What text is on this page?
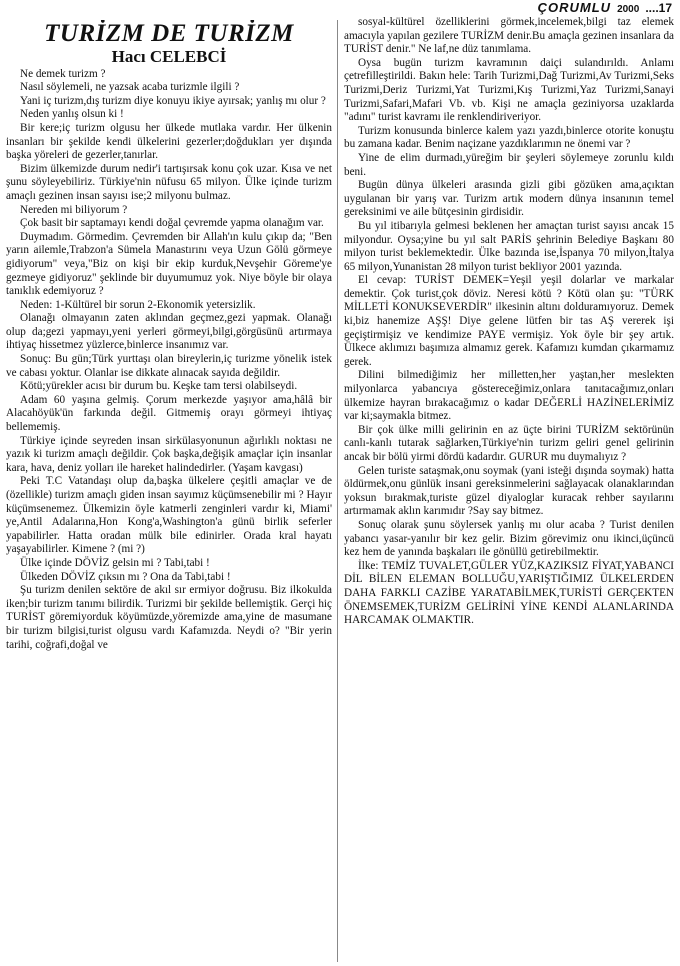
ÇORUMLU 2000 ....17
TURİZM DE TURİZM
Hacı CELEBCİ

Ne demek turizm ?

Nasıl söylemeli, ne yazsak acaba turizmle ilgili ?

Yani iç turizm,dış turizm diye konuyu ikiye ayırsak; yanlış mı olur ?

Neden yanlış olsun ki !

Bir kere;iç turizm olgusu her ülkede mutlaka vardır. Her ülkenin insanları bir şekilde kendi ülkelerini gezerler;doğdukları yer dışında başka yöreleri de gezerler,tanırlar.

Bizim ülkemizde durum nedir'i tartışırsak konu çok uzar. Kısa ve net şunu söyleyebiliriz. Türkiye'nin nüfusu 65 milyon. Ülke içinde turizm amaçlı gezinen insan sayısı ise;2 milyonu bulmaz.

Nereden mi biliyorum ?

Çok basit bir saptamayı kendi doğal çevremde yapma olanağım var.

Duymadım. Görmedim. Çevremden bir Allah'ın kulu çıkıp da; "Ben yarın ailemle,Trabzon'a Sümela Manastırını veya Uzun Gölü görmeye gidiyorum" veya,"Biz on kişi bir ekip kurduk,Nevşehir Göreme'ye gezmeye gidiyoruz" şeklinde bir duyumumuz yok. Niye böyle bir olaya tanıklık edemiyoruz ?

Neden: 1-Kültürel bir sorun 2-Ekonomik yetersizlik.

Olanağı olmayanın zaten aklından geçmez,gezi yapmak. Olanağı olup da;gezi yapmayı,yeni yerleri görmeyi,bilgi,görgüsünü artırmaya ihtiyaç hissetmez yüzlerce,binlerce insanımız var.

Sonuç: Bu gün;Türk yurttaşı olan bireylerin,iç turizme yönelik istek ve cabası yoktur. Olanlar ise dikkate alınacak sayıda değildir.

Kötü;yürekler acısı bir durum bu. Keşke tam tersi olabilseydi.

Adam 60 yaşına gelmiş. Çorum merkezde yaşıyor ama,hâlâ bir Alacahöyük'ün farkında değil. Gitmemiş orayı görmeyi ihtiyaç bellememiş.

Türkiye içinde seyreden insan sirkülasyonunun ağırlıklı noktası ne yazık ki turizm amaçlı değildir. Çok başka,değişik amaçlar için insanlar kara, hava, deniz yolları ile hareket halindedirler. (Yaşam kavgası)

Peki T.C Vatandaşı olup da,başka ülkelere çeşitli amaçlar ve de (özellikle) turizm amaçlı giden insan sayımız küçümsenebilir mi ? Hayır küçümsenemez. Ülkemizin öyle katmerli zenginleri vardır ki, Miami' ye,Antil Adalarına,Hon Kong'a,Washington'a günü birlik seferler yapabilirler. Hatta oradan mülk bile edinirler. Orada kral hayatı yaşayabilirler. Kimene ? (mi ?)

Ülke içinde DÖVİZ gelsin mi ? Tabi,tabi !

Ülkeden DÖVİZ çıksın mı ? Ona da Tabi,tabi !

Şu turizm denilen sektöre de akıl sır ermiyor doğrusu. Biz ilkokulda iken;bir turizm tanımı bilirdik. Turizmi bir şekilde bellemiştik. Gerçi hiç TURİST göremiyorduk köyümüzde,yöremizde ama,yine de masumane bir turizm bilgisi,turist olgusu vardı Kafamızda. Neydi o? "Bir yerin tarihi, coğrafi,doğal ve

sosyal-kültürel özelliklerini görmek,incelemek,bilgi taz elemek amacıyla yapılan gezilere TURİZM denir.Bu amaçla gezinen insanlara da TURİST denir." Ne laf,ne düz tanımlama.

Oysa bugün turizm kavramının daiçi sulandırıldı. Anlamı çetrefilleştirildi. Bakın hele: Tarih Turizmi,Dağ Turizmi,Av Turizmi,Seks Turizmi,Deriz Turizmi,Yat Turizmi,Kış Turizmi,Yaz Turizmi,Sanayi Turizmi,Safari,Mafari Vb. vb. Kişi ne amaçla geziniyorsa uzaklarda "adını" turist kavramı ile renklendiriveriyor.

Turizm konusunda binlerce kalem yazı yazdı,binlerce otorite konuştu bu zamana kadar. Benim naçizane yazdıklarımın ne önemi var ?

Yine de elim durmadı,yüreğim bir şeyleri söylemeye zorunlu kıldı beni.

Bugün dünya ülkeleri arasında gizli gibi gözüken ama,açıktan uygulanan bir yarış var. Turizm artık modern dünya insanının temel gereksinimi ve aile bütçesinin girdisidir.

Bu yıl itibarıyla gelmesi beklenen her amaçtan turist sayısı ancak 15 milyondur. Oysa;yine bu yıl salt PARİS şehrinin Belediye Başkanı 80 milyon turist beklemektedir. Ülke bazında ise,İspanya 70 milyon,İtalya 65 milyon,Yunanistan 28 milyon turist bekliyor 2001 yazında.

El cevap: TURİST DEMEK=Yeşil yeşil dolarlar ve markalar demektir. Çok turist,çok döviz. Neresi kötü ? Kötü olan şu: "TÜRK MİLLETİ KONUKSEVERDİR" ilkesinin altını dolduramıyoruz. Demek ki,biz hanemize AŞŞ! Diye gelene lütfen bir tas AŞ vererek işi geçiştirmişiz ve kendimize PAYE vermişiz. Yok öyle bir şey artık. Ülkece aklımızı başımıza almamız gerek. Kafamızı kumdan çıkarmamız gerek.

Dilini bilmediğimiz her milletten,her yaştan,her meslekten milyonlarca yabancıya göstereceğimiz,onlara tanıtacağımız,onları ülkemize hayran bırakacağımız o kadar DEĞERLİ HAZİNELERİMİZ var ki;saymakla bitmez.

Bir çok ülke milli gelirinin en az üçte birini TURİZM sektörünün canlı-kanlı tutarak sağlarken,Türkiye'nin turizm geliri genel gelirinin ancak bir bölü yirmi dördü kadardır. GURUR mu duymalıyız ?

Gelen turiste sataşmak,onu soymak (yani isteği dışında soymak) hatta öldürmek,onu günlük insani gereksinmelerini sağlayacak olanaklarından yoksun bırakmak,turiste güzel diyaloglar kuracak rehber sayılarını artırmamak aklın karımıdır ?Say say bitmez.

Sonuç olarak şunu söylersek yanlış mı olur acaba ? Turist denilen yabancı yasar-yanılır bir kez gelir. Bizim görevimiz onu ikinci,üçüncü kez hem de yanında başkaları ile gönüllü getirebilmektir.

İlke: TEMİZ TUVALET,GÜLER YÜZ,KAZIKSIZ FİYAT,YABANCI DİL BİLEN ELEMAN BOLLUĞU,YARIŞTIĞIMIZ ÜLKELERDEN DAHA FARKLI CAZİBE YARATABİLMEK,TURİSTİ GERÇEKTEN ÖNEMSEMEK,TURİZM GELİRİNİ YİNE KENDİ ALANLARINDA HARCAMAK OLMAKTIR.
